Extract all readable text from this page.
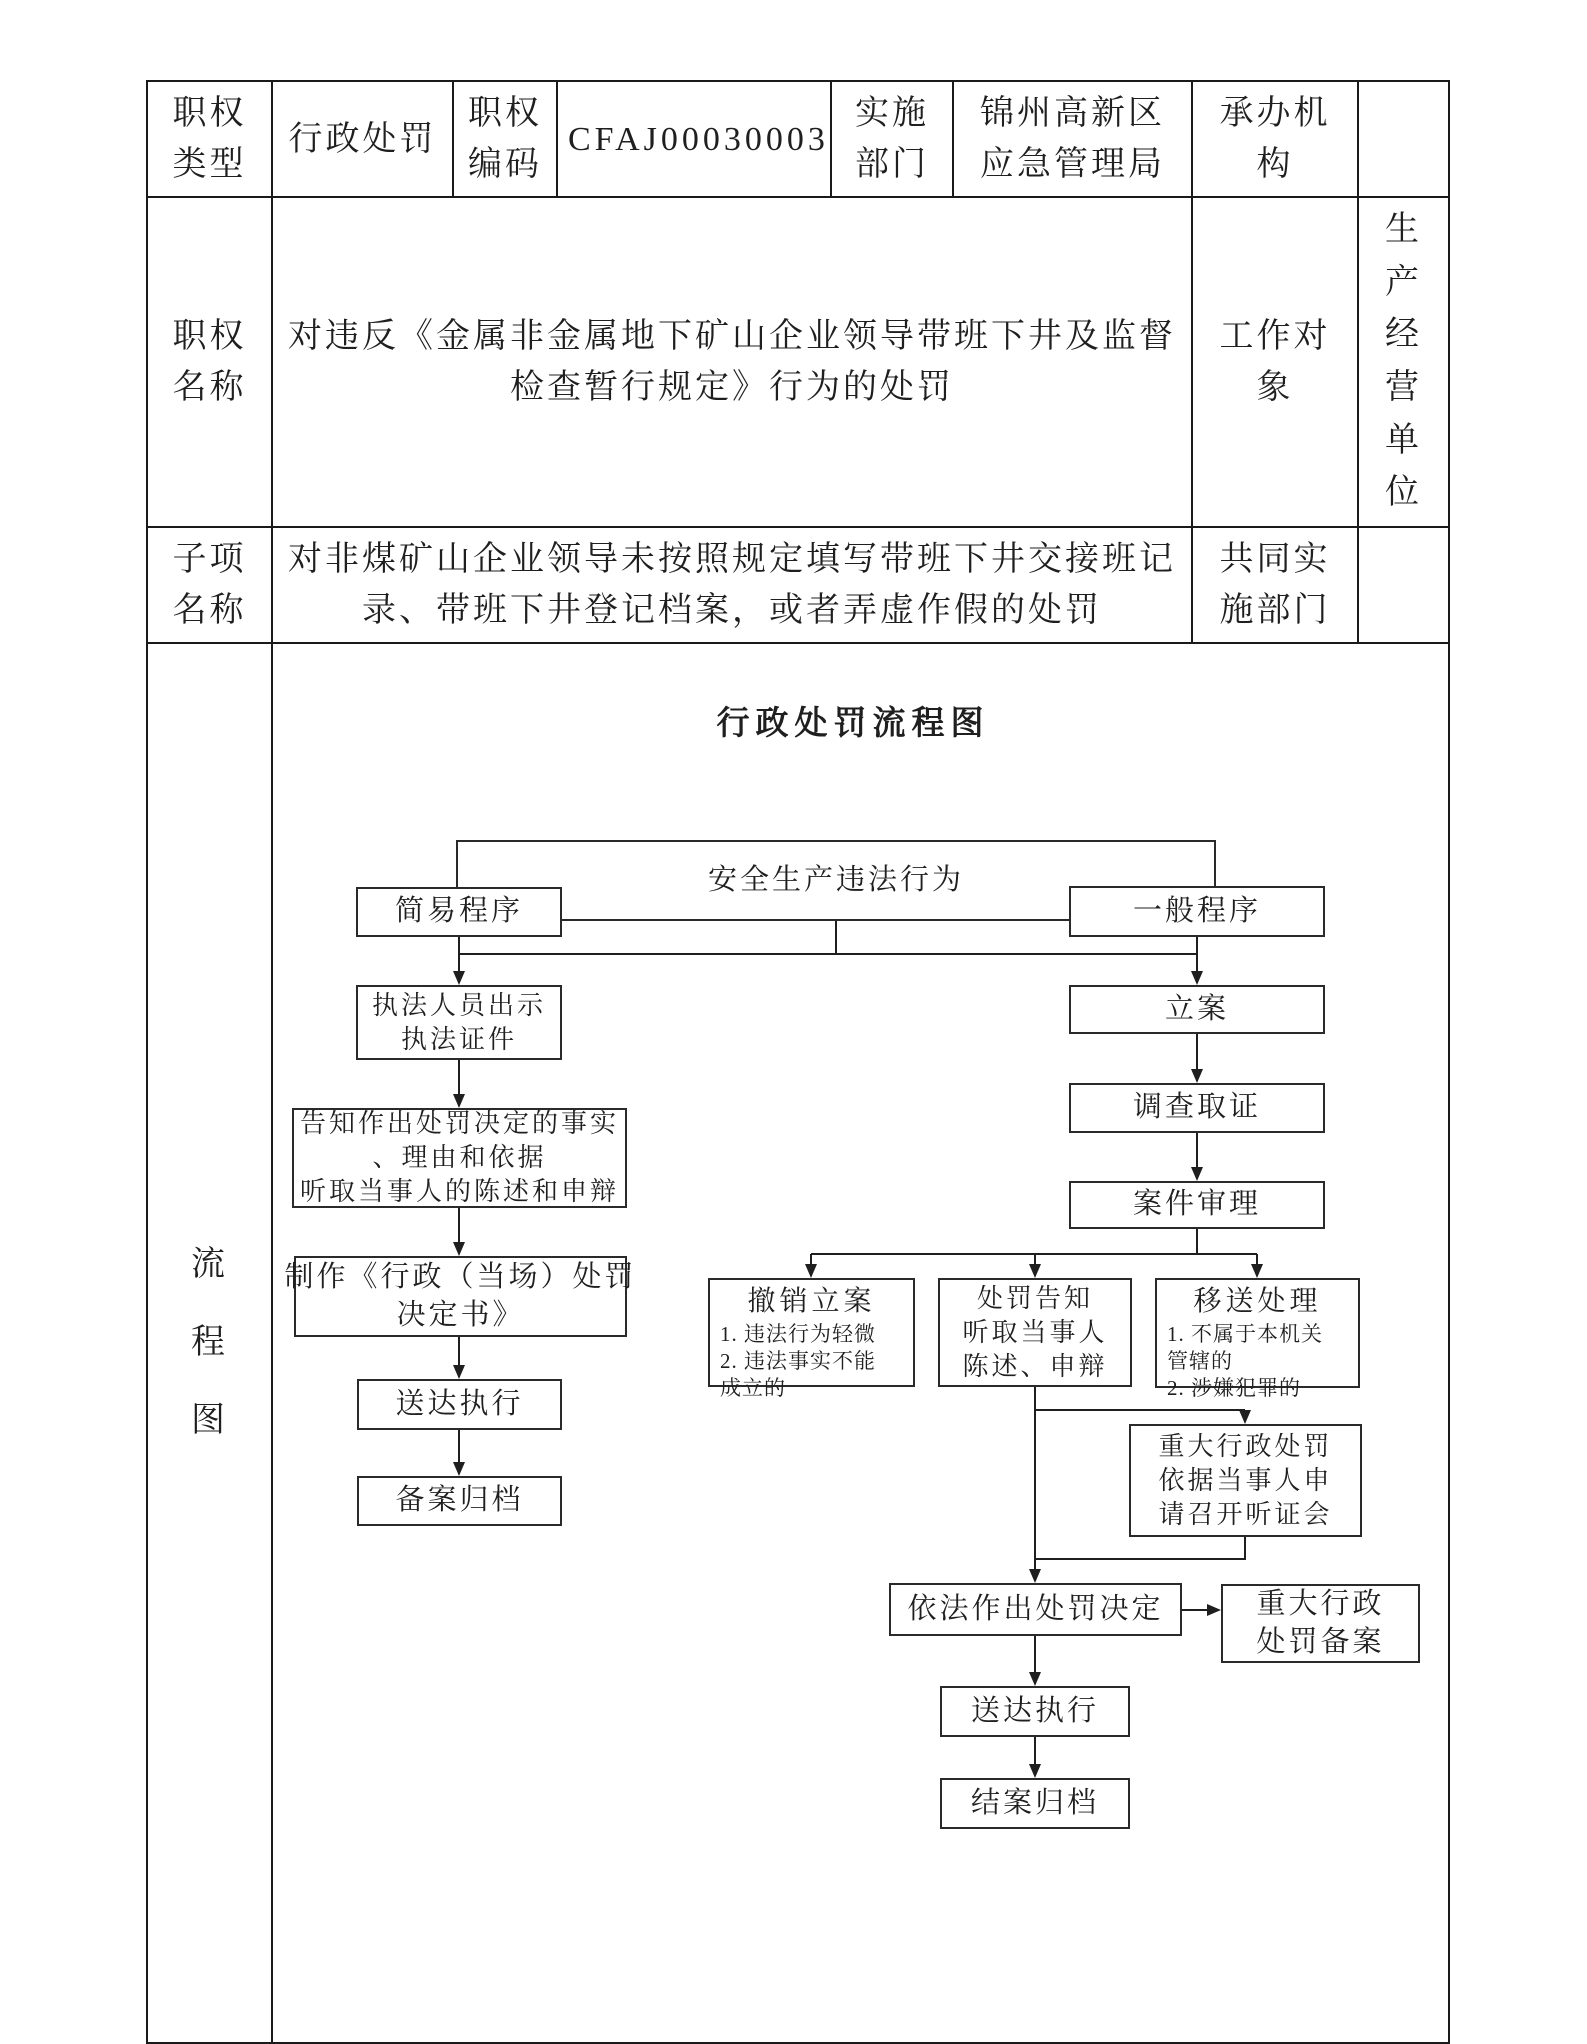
职权类型	行政处罚	职权编码	CFAJ00030003	实施部门	锦州高新区应急管理局	承办机构	
职权名称	对违反《金属非金属地下矿山企业领导带班下井及监督检查暂行规定》行为的处罚					工作对象	生产经营单位

子项名称	对非煤矿山企业领导未按照规定填写带班下井交接班记录、带班下井登记档案，或者弄虚作假的处罚					共同实施部门	

流程图

行政处罚流程图
安全生产违法行为
简易程序
执法人员出示
执法证件
告知作出处罚决定的事实
、理由和依据
听取当事人的陈述和申辩
制作《行政（当场）处罚
决定书》
送达执行
备案归档
一般程序
立案
调查取证
案件审理
撤销立案
1. 违法行为轻微
2. 违法事实不能
成立的
处罚告知
听取当事人
陈述、申辩
移送处理
1. 不属于本机关
管辖的
2. 涉嫌犯罪的
重大行政处罚
依据当事人申
请召开听证会
依法作出处罚决定	重大行政
处罚备案
送达执行
结案归档
